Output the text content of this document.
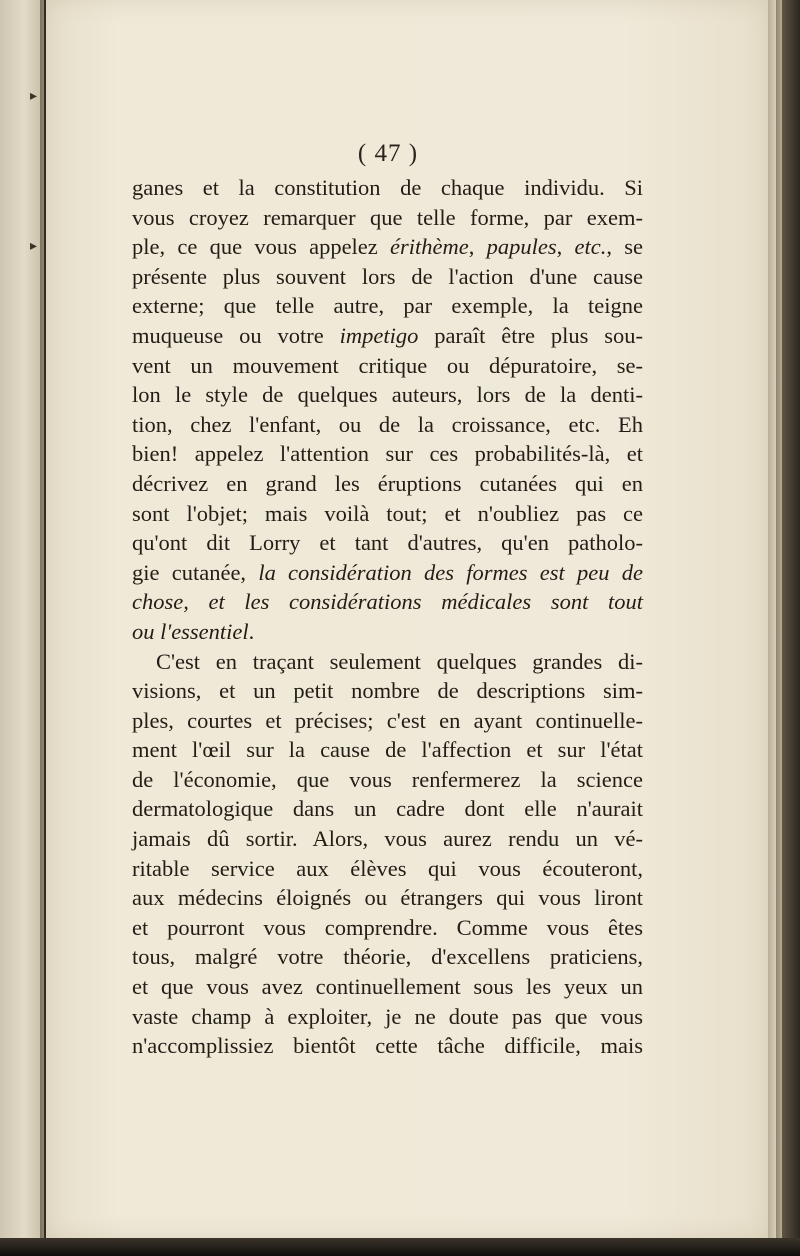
▸
▸
( 47 )
ganes et la constitution de chaque individu. Si
vous croyez remarquer que telle forme, par exem-
ple, ce que vous appelez érithème, papules, etc., se
présente plus souvent lors de l'action d'une cause
externe; que telle autre, par exemple, la teigne
muqueuse ou votre impetigo paraît être plus sou-
vent un mouvement critique ou dépuratoire, se-
lon le style de quelques auteurs, lors de la denti-
tion, chez l'enfant, ou de la croissance, etc. Eh
bien! appelez l'attention sur ces probabilités-là, et
décrivez en grand les éruptions cutanées qui en
sont l'objet; mais voilà tout; et n'oubliez pas ce
qu'ont dit Lorry et tant d'autres, qu'en patholo-
gie cutanée, la considération des formes est peu de
chose, et les considérations médicales sont tout
ou l'essentiel.
C'est en traçant seulement quelques grandes di-
visions, et un petit nombre de descriptions sim-
ples, courtes et précises; c'est en ayant continuelle-
ment l'œil sur la cause de l'affection et sur l'état
de l'économie, que vous renfermerez la science
dermatologique dans un cadre dont elle n'aurait
jamais dû sortir. Alors, vous aurez rendu un vé-
ritable service aux élèves qui vous écouteront,
aux médecins éloignés ou étrangers qui vous liront
et pourront vous comprendre. Comme vous êtes
tous, malgré votre théorie, d'excellens praticiens,
et que vous avez continuellement sous les yeux un
vaste champ à exploiter, je ne doute pas que vous
n'accomplissiez bientôt cette tâche difficile, mais
